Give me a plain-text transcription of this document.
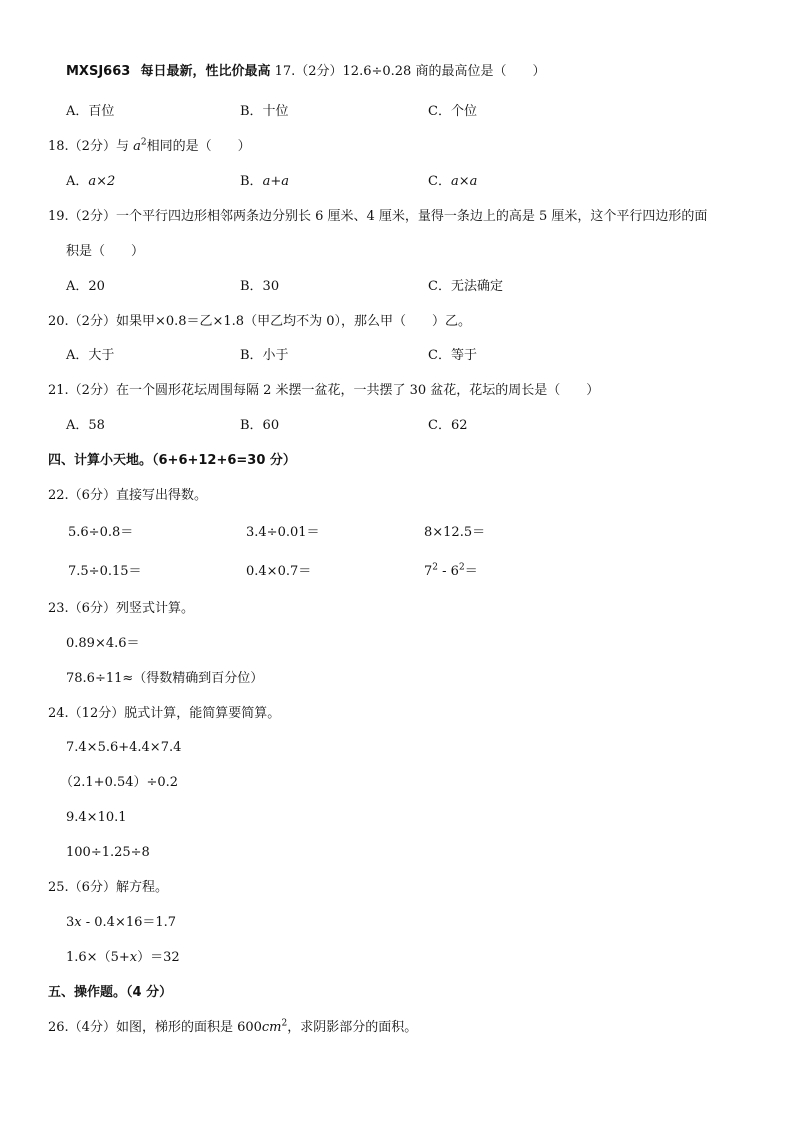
MXSJ663 每日最新，性比价最高 17.（2分）12.6÷0.28 商的最高位是（　　）
A．百位	B．十位	C．个位
18.（2分）与 $a^2$相同的是（　　）
A．a×2	B．a+a	C．a×a
19.（2分）一个平行四边形相邻两条边分别长 6 厘米、4 厘米，量得一条边上的高是 5 厘米，这个平行四边形的面
积是（　　）
A．20	B．30	C．无法确定
20.（2分）如果甲×0.8＝乙×1.8（甲乙均不为 0），那么甲（　　）乙。
A．大于	B．小于	C．等于
21.（2分）在一个圆形花坛周围每隔 2 米摆一盆花，一共摆了 30 盆花，花坛的周长是（　　）
A．58	B．60	C．62
四、计算小天地。（6+6+12+6=30 分）
22.（6分）直接写出得数。
5.6÷0.8＝	3.4÷0.01＝	8×12.5＝
7.5÷0.15＝	0.4×0.7＝	$7^2 - 6^2=$
23.（6分）列竖式计算。
0.89×4.6＝
78.6÷11≈（得数精确到百分位）
24.（12分）脱式计算，能简算要简算。
7.4×5.6+4.4×7.4
（2.1+0.54）÷0.2
9.4×10.1
100÷1.25÷8
25.（6分）解方程。
3x - 0.4×16＝1.7
1.6×（5+x）＝32
五、操作题。（4 分）
26.（4分）如图，梯形的面积是 $600cm^2$，求阴影部分的面积。
